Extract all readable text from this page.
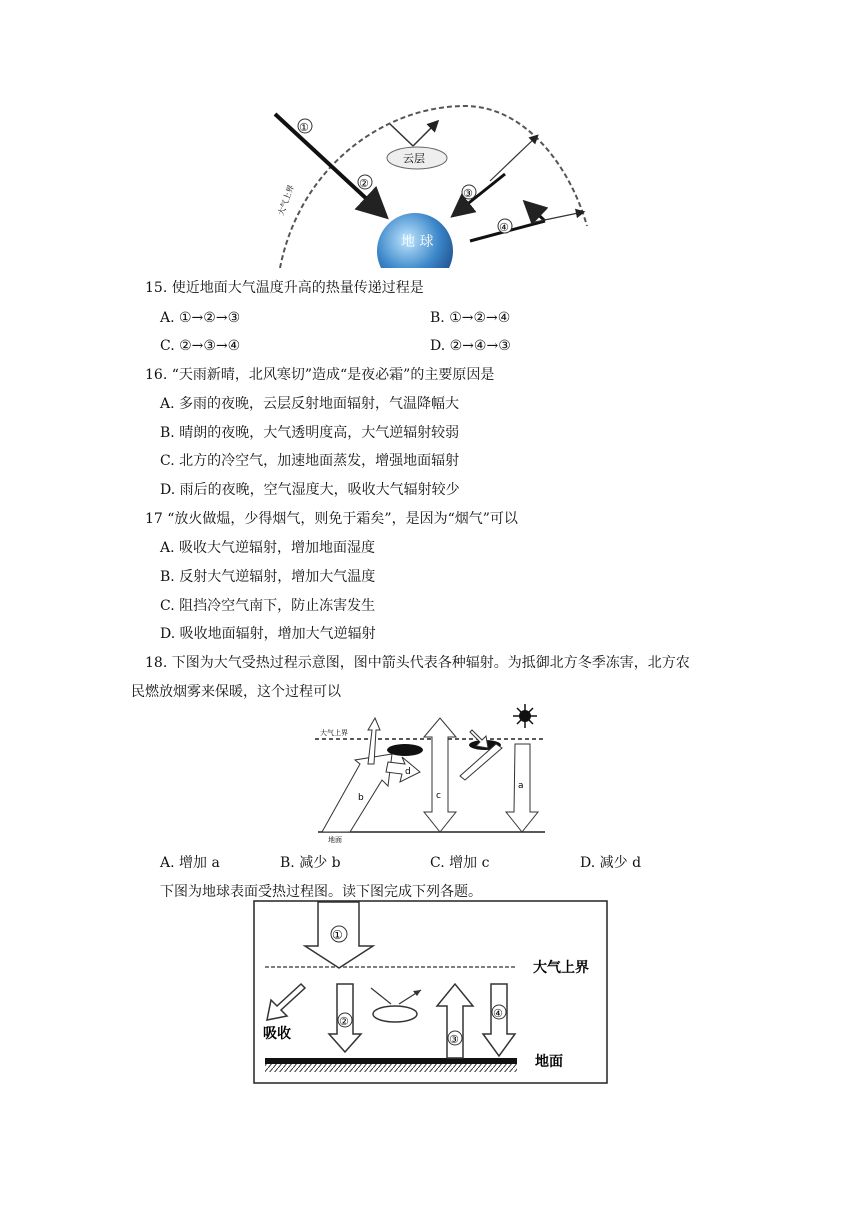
大气上界
地 球
①
②
云层
③
④
15. 使近地面大气温度升高的热量传递过程是
A. ①→②→③	B. ①→②→④
C. ②→③→④	D. ②→④→③
16. “天雨新晴，北风寒切”造成“是夜必霜”的主要原因是
A. 多雨的夜晚，云层反射地面辐射，气温降幅大
B. 晴朗的夜晚，大气透明度高，大气逆辐射较弱
C. 北方的冷空气，加速地面蒸发，增强地面辐射
D. 雨后的夜晚，空气湿度大，吸收大气辐射较少
17 “放火做煴，少得烟气，则免于霜矣”，是因为“烟气”可以
A. 吸收大气逆辐射，增加地面湿度
B. 反射大气逆辐射，增加大气温度
C. 阻挡冷空气南下，防止冻害发生
D. 吸收地面辐射，增加大气逆辐射
18. 下图为大气受热过程示意图，图中箭头代表各种辐射。为抵御北方冬季冻害，北方农
民燃放烟雾来保暖，这个过程可以
大气上界
地面
a
c
b
d
A. 增加 a	B. 减少 b	C. 增加 c	D. 减少 d
下图为地球表面受热过程图。读下图完成下列各题。
大气上界
地面
①
吸收
②
③
④
